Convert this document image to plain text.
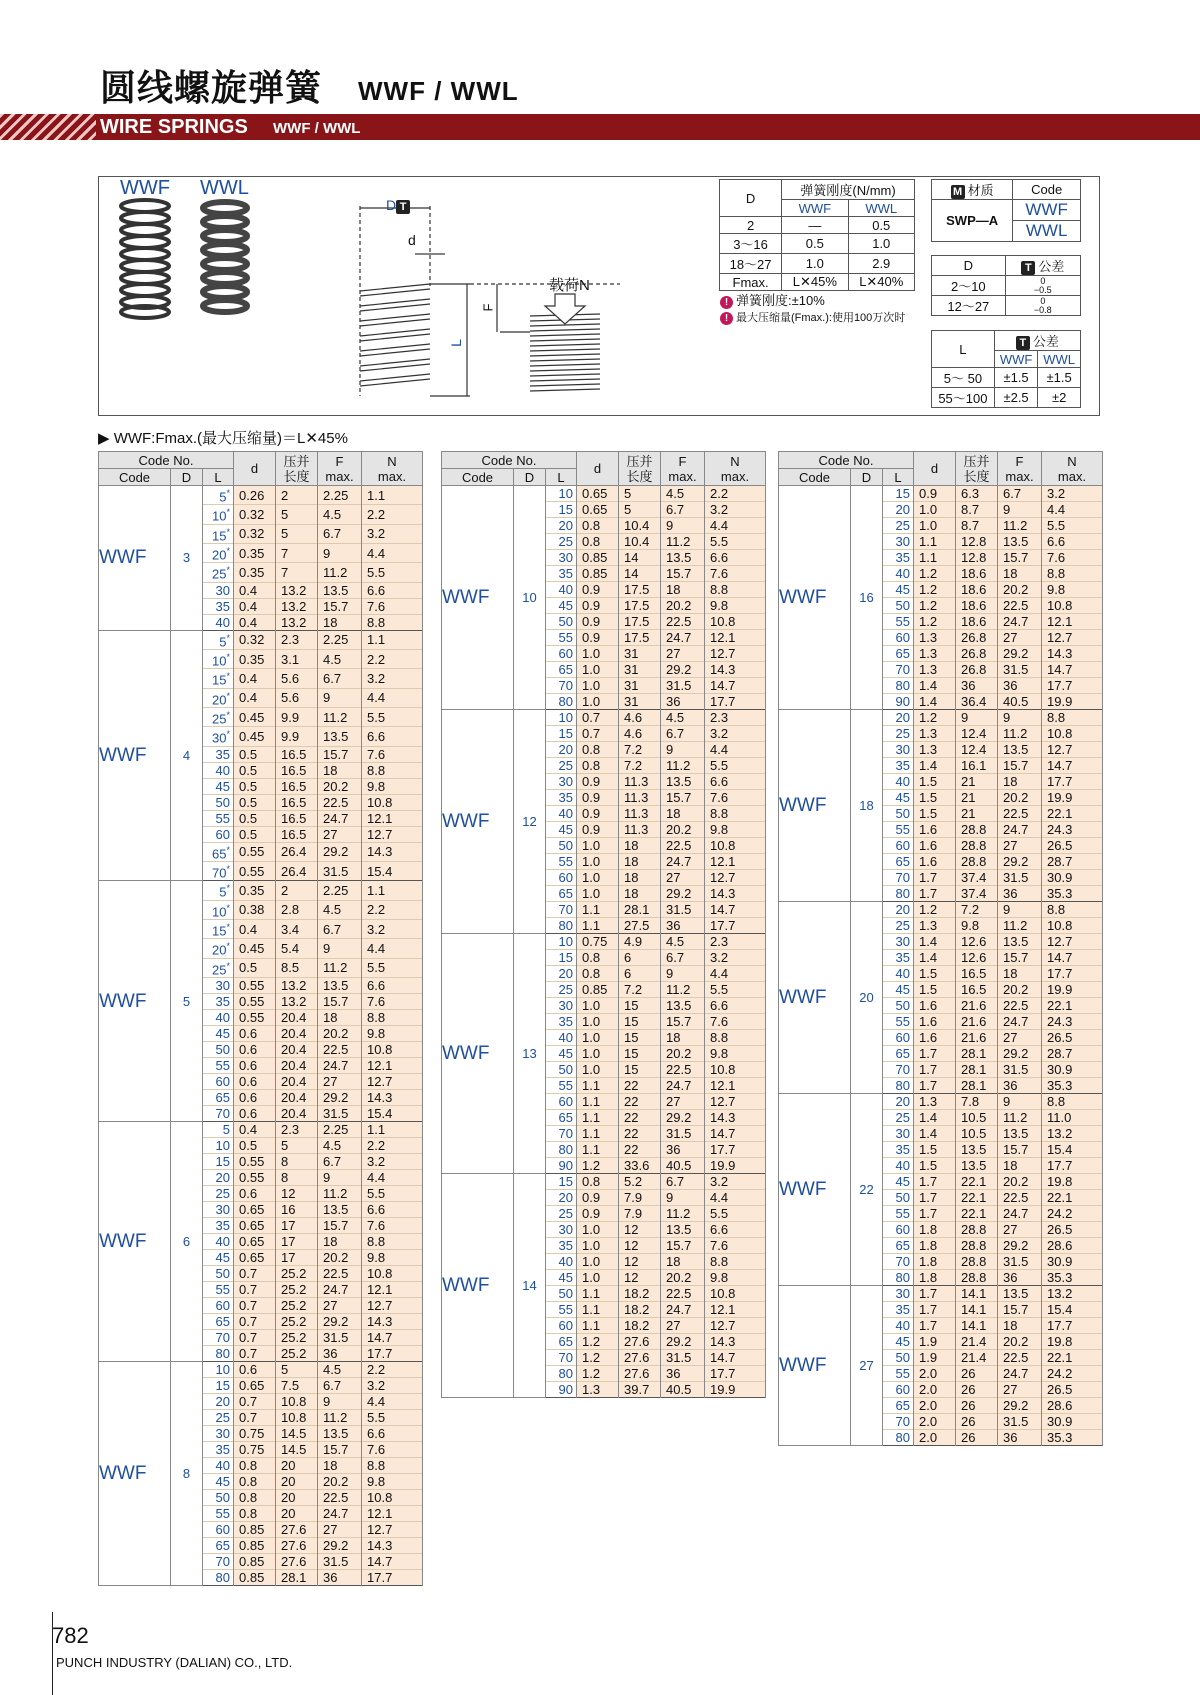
圆线螺旋弹簧 WWF / WWL
WIRE SPRINGS WWF / WWL
WWF WWL
D T
d
F
L
载荷N
D	弹簧刚度(N/mm)	
	WWF	WWL
2	—	0.5
3～16	0.5	1.0
18～27	1.0	2.9
Fmax.	L✕45%	L✕40%
! 弹簧刚度:±10%
! 最大压缩量(Fmax.):使用100万次时
M 材质	Code
SWP—A	WWF
	WWL
D	T 公差
2～10	0
−0.5
12～27	0
−0.8
L	T 公差	
	WWF	WWL
5～ 50	±1.5	±1.5
55～100	±2.5	±2
▶ WWF:Fmax.(最大压缩量)＝L✕45%
Code No.			d	压并
长度	F
max.	N
max.
Code	D	L				
WWF	3	5*	0.26	2	2.25	1.1
		10*	0.32	5	4.5	2.2
		15*	0.32	5	6.7	3.2
		20*	0.35	7	9	4.4
		25*	0.35	7	11.2	5.5
		30	0.4	13.2	13.5	6.6
		35	0.4	13.2	15.7	7.6
		40	0.4	13.2	18	8.8
WWF	4	5*	0.32	2.3	2.25	1.1
		10*	0.35	3.1	4.5	2.2
		15*	0.4	5.6	6.7	3.2
		20*	0.4	5.6	9	4.4
		25*	0.45	9.9	11.2	5.5
		30*	0.45	9.9	13.5	6.6
		35	0.5	16.5	15.7	7.6
		40	0.5	16.5	18	8.8
		45	0.5	16.5	20.2	9.8
		50	0.5	16.5	22.5	10.8
		55	0.5	16.5	24.7	12.1
		60	0.5	16.5	27	12.7
		65*	0.55	26.4	29.2	14.3
		70*	0.55	26.4	31.5	15.4
WWF	5	5*	0.35	2	2.25	1.1
		10*	0.38	2.8	4.5	2.2
		15*	0.4	3.4	6.7	3.2
		20*	0.45	5.4	9	4.4
		25*	0.5	8.5	11.2	5.5
		30	0.55	13.2	13.5	6.6
		35	0.55	13.2	15.7	7.6
		40	0.55	20.4	18	8.8
		45	0.6	20.4	20.2	9.8
		50	0.6	20.4	22.5	10.8
		55	0.6	20.4	24.7	12.1
		60	0.6	20.4	27	12.7
		65	0.6	20.4	29.2	14.3
		70	0.6	20.4	31.5	15.4
WWF	6	5	0.4	2.3	2.25	1.1
		10	0.5	5	4.5	2.2
		15	0.55	8	6.7	3.2
		20	0.55	8	9	4.4
		25	0.6	12	11.2	5.5
		30	0.65	16	13.5	6.6
		35	0.65	17	15.7	7.6
		40	0.65	17	18	8.8
		45	0.65	17	20.2	9.8
		50	0.7	25.2	22.5	10.8
		55	0.7	25.2	24.7	12.1
		60	0.7	25.2	27	12.7
		65	0.7	25.2	29.2	14.3
		70	0.7	25.2	31.5	14.7
		80	0.7	25.2	36	17.7
WWF	8	10	0.6	5	4.5	2.2
		15	0.65	7.5	6.7	3.2
		20	0.7	10.8	9	4.4
		25	0.7	10.8	11.2	5.5
		30	0.75	14.5	13.5	6.6
		35	0.75	14.5	15.7	7.6
		40	0.8	20	18	8.8
		45	0.8	20	20.2	9.8
		50	0.8	20	22.5	10.8
		55	0.8	20	24.7	12.1
		60	0.85	27.6	27	12.7
		65	0.85	27.6	29.2	14.3
		70	0.85	27.6	31.5	14.7
		80	0.85	28.1	36	17.7
Code No.			d	压并
长度	F
max.	N
max.
Code	D	L				
WWF	10	10	0.65	5	4.5	2.2
		15	0.65	5	6.7	3.2
		20	0.8	10.4	9	4.4
		25	0.8	10.4	11.2	5.5
		30	0.85	14	13.5	6.6
		35	0.85	14	15.7	7.6
		40	0.9	17.5	18	8.8
		45	0.9	17.5	20.2	9.8
		50	0.9	17.5	22.5	10.8
		55	0.9	17.5	24.7	12.1
		60	1.0	31	27	12.7
		65	1.0	31	29.2	14.3
		70	1.0	31	31.5	14.7
		80	1.0	31	36	17.7
WWF	12	10	0.7	4.6	4.5	2.3
		15	0.7	4.6	6.7	3.2
		20	0.8	7.2	9	4.4
		25	0.8	7.2	11.2	5.5
		30	0.9	11.3	13.5	6.6
		35	0.9	11.3	15.7	7.6
		40	0.9	11.3	18	8.8
		45	0.9	11.3	20.2	9.8
		50	1.0	18	22.5	10.8
		55	1.0	18	24.7	12.1
		60	1.0	18	27	12.7
		65	1.0	18	29.2	14.3
		70	1.1	28.1	31.5	14.7
		80	1.1	27.5	36	17.7
WWF	13	10	0.75	4.9	4.5	2.3
		15	0.8	6	6.7	3.2
		20	0.8	6	9	4.4
		25	0.85	7.2	11.2	5.5
		30	1.0	15	13.5	6.6
		35	1.0	15	15.7	7.6
		40	1.0	15	18	8.8
		45	1.0	15	20.2	9.8
		50	1.0	15	22.5	10.8
		55	1.1	22	24.7	12.1
		60	1.1	22	27	12.7
		65	1.1	22	29.2	14.3
		70	1.1	22	31.5	14.7
		80	1.1	22	36	17.7
		90	1.2	33.6	40.5	19.9
WWF	14	15	0.8	5.2	6.7	3.2
		20	0.9	7.9	9	4.4
		25	0.9	7.9	11.2	5.5
		30	1.0	12	13.5	6.6
		35	1.0	12	15.7	7.6
		40	1.0	12	18	8.8
		45	1.0	12	20.2	9.8
		50	1.1	18.2	22.5	10.8
		55	1.1	18.2	24.7	12.1
		60	1.1	18.2	27	12.7
		65	1.2	27.6	29.2	14.3
		70	1.2	27.6	31.5	14.7
		80	1.2	27.6	36	17.7
		90	1.3	39.7	40.5	19.9
Code No.			d	压并
长度	F
max.	N
max.
Code	D	L				
WWF	16	15	0.9	6.3	6.7	3.2
		20	1.0	8.7	9	4.4
		25	1.0	8.7	11.2	5.5
		30	1.1	12.8	13.5	6.6
		35	1.1	12.8	15.7	7.6
		40	1.2	18.6	18	8.8
		45	1.2	18.6	20.2	9.8
		50	1.2	18.6	22.5	10.8
		55	1.2	18.6	24.7	12.1
		60	1.3	26.8	27	12.7
		65	1.3	26.8	29.2	14.3
		70	1.3	26.8	31.5	14.7
		80	1.4	36	36	17.7
		90	1.4	36.4	40.5	19.9
WWF	18	20	1.2	9	9	8.8
		25	1.3	12.4	11.2	10.8
		30	1.3	12.4	13.5	12.7
		35	1.4	16.1	15.7	14.7
		40	1.5	21	18	17.7
		45	1.5	21	20.2	19.9
		50	1.5	21	22.5	22.1
		55	1.6	28.8	24.7	24.3
		60	1.6	28.8	27	26.5
		65	1.6	28.8	29.2	28.7
		70	1.7	37.4	31.5	30.9
		80	1.7	37.4	36	35.3
WWF	20	20	1.2	7.2	9	8.8
		25	1.3	9.8	11.2	10.8
		30	1.4	12.6	13.5	12.7
		35	1.4	12.6	15.7	14.7
		40	1.5	16.5	18	17.7
		45	1.5	16.5	20.2	19.9
		50	1.6	21.6	22.5	22.1
		55	1.6	21.6	24.7	24.3
		60	1.6	21.6	27	26.5
		65	1.7	28.1	29.2	28.7
		70	1.7	28.1	31.5	30.9
		80	1.7	28.1	36	35.3
WWF	22	20	1.3	7.8	9	8.8
		25	1.4	10.5	11.2	11.0
		30	1.4	10.5	13.5	13.2
		35	1.5	13.5	15.7	15.4
		40	1.5	13.5	18	17.7
		45	1.7	22.1	20.2	19.8
		50	1.7	22.1	22.5	22.1
		55	1.7	22.1	24.7	24.2
		60	1.8	28.8	27	26.5
		65	1.8	28.8	29.2	28.6
		70	1.8	28.8	31.5	30.9
		80	1.8	28.8	36	35.3
WWF	27	30	1.7	14.1	13.5	13.2
		35	1.7	14.1	15.7	15.4
		40	1.7	14.1	18	17.7
		45	1.9	21.4	20.2	19.8
		50	1.9	21.4	22.5	22.1
		55	2.0	26	24.7	24.2
		60	2.0	26	27	26.5
		65	2.0	26	29.2	28.6
		70	2.0	26	31.5	30.9
		80	2.0	26	36	35.3
782
PUNCH INDUSTRY (DALIAN) CO., LTD.
